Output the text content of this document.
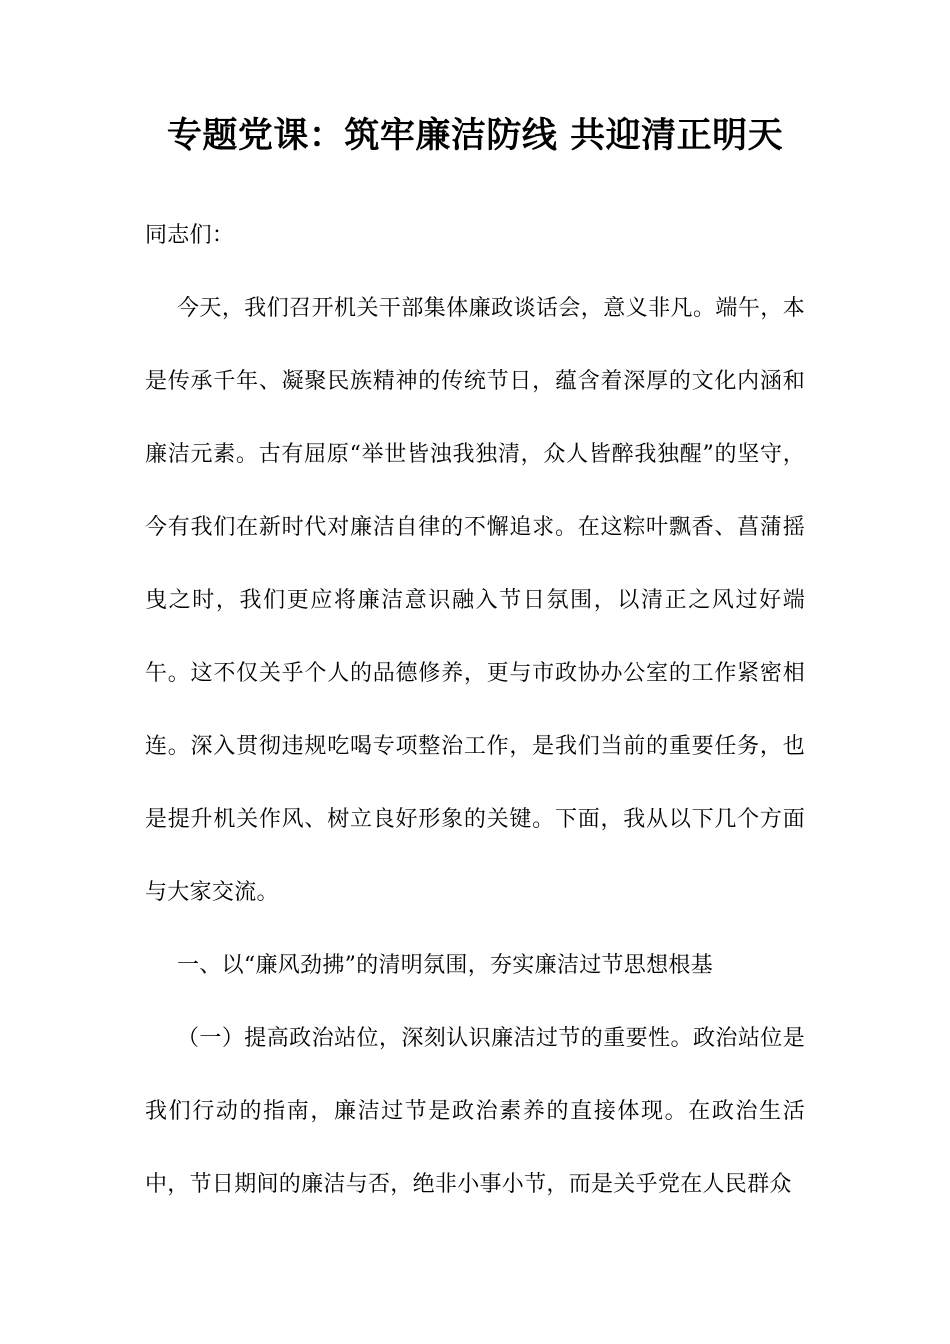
专题党课：筑牢廉洁防线 共迎清正明天

同志们：

今天，我们召开机关干部集体廉政谈话会，意义非凡。端午，本是传承千年、凝聚民族精神的传统节日，蕴含着深厚的文化内涵和廉洁元素。古有屈原“举世皆浊我独清，众人皆醉我独醒”的坚守，今有我们在新时代对廉洁自律的不懈追求。在这粽叶飘香、菖蒲摇曳之时，我们更应将廉洁意识融入节日氛围，以清正之风过好端午。这不仅关乎个人的品德修养，更与市政协办公室的工作紧密相连。深入贯彻违规吃喝专项整治工作，是我们当前的重要任务，也是提升机关作风、树立良好形象的关键。下面，我从以下几个方面与大家交流。

一、以“廉风劲拂”的清明氛围，夯实廉洁过节思想根基

（一）提高政治站位，深刻认识廉洁过节的重要性。政治站位是我们行动的指南，廉洁过节是政治素养的直接体现。在政治生活中，节日期间的廉洁与否，绝非小事小节，而是关乎党在人民群众
